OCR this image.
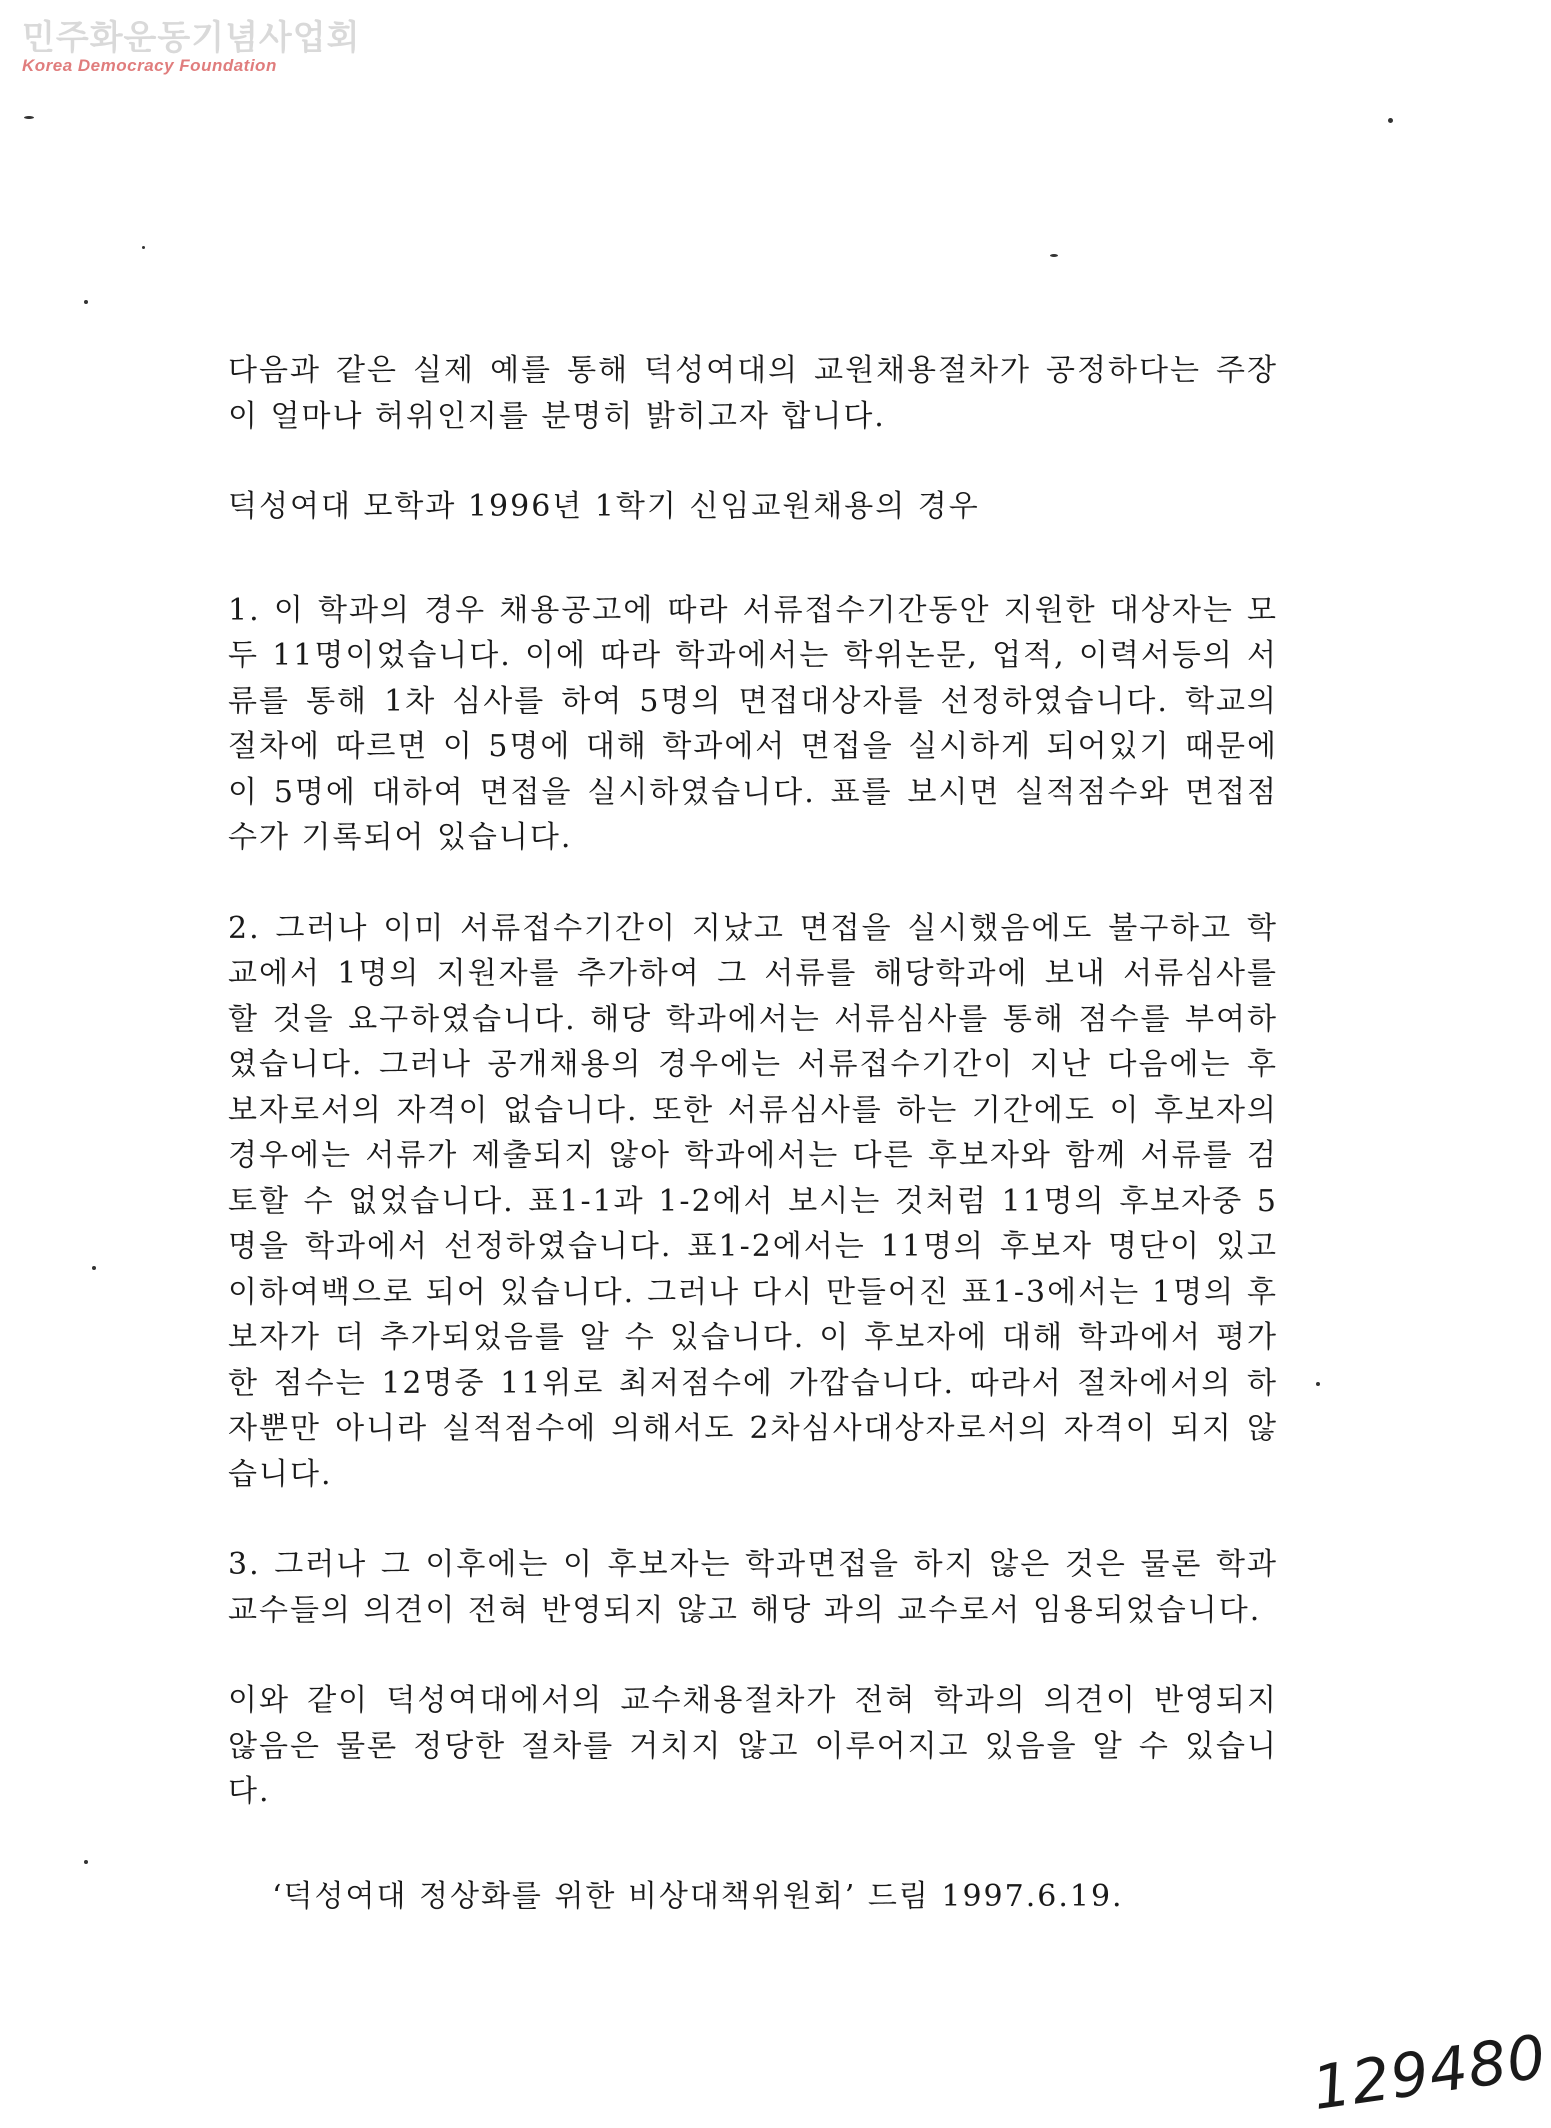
민주화운동기념사업회
Korea Democracy Foundation

다음과 같은 실제 예를 통해 덕성여대의 교원채용절차가 공정하다는 주장이 얼마나 허위인지를 분명히 밝히고자 합니다.

덕성여대 모학과 1996년 1학기 신임교원채용의 경우

1. 이 학과의 경우 채용공고에 따라 서류접수기간동안 지원한 대상자는 모두 11명이었습니다. 이에 따라 학과에서는 학위논문, 업적, 이력서등의 서류를 통해 1차 심사를 하여 5명의 면접대상자를 선정하였습니다. 학교의 절차에 따르면 이 5명에 대해 학과에서 면접을 실시하게 되어있기 때문에 이 5명에 대하여 면접을 실시하였습니다. 표를 보시면 실적점수와 면접점수가 기록되어 있습니다.

2. 그러나 이미 서류접수기간이 지났고 면접을 실시했음에도 불구하고 학교에서 1명의 지원자를 추가하여 그 서류를 해당학과에 보내 서류심사를 할 것을 요구하였습니다. 해당 학과에서는 서류심사를 통해 점수를 부여하였습니다. 그러나 공개채용의 경우에는 서류접수기간이 지난 다음에는 후보자로서의 자격이 없습니다. 또한 서류심사를 하는 기간에도 이 후보자의 경우에는 서류가 제출되지 않아 학과에서는 다른 후보자와 함께 서류를 검토할 수 없었습니다. 표1-1과 1-2에서 보시는 것처럼 11명의 후보자중 5명을 학과에서 선정하였습니다. 표1-2에서는 11명의 후보자 명단이 있고 이하여백으로 되어 있습니다. 그러나 다시 만들어진 표1-3에서는 1명의 후보자가 더 추가되었음를 알 수 있습니다. 이 후보자에 대해 학과에서 평가한 점수는 12명중 11위로 최저점수에 가깝습니다. 따라서 절차에서의 하자뿐만 아니라 실적점수에 의해서도 2차심사대상자로서의 자격이 되지 않습니다.

3. 그러나 그 이후에는 이 후보자는 학과면접을 하지 않은 것은 물론 학과교수들의 의견이 전혀 반영되지 않고 해당 과의 교수로서 임용되었습니다.

이와 같이 덕성여대에서의 교수채용절차가 전혀 학과의 의견이 반영되지 않음은 물론 정당한 절차를 거치지 않고 이루어지고 있음을 알 수 있습니다.

‘덕성여대 정상화를 위한 비상대책위원회’ 드림 1997.6.19.
129480
